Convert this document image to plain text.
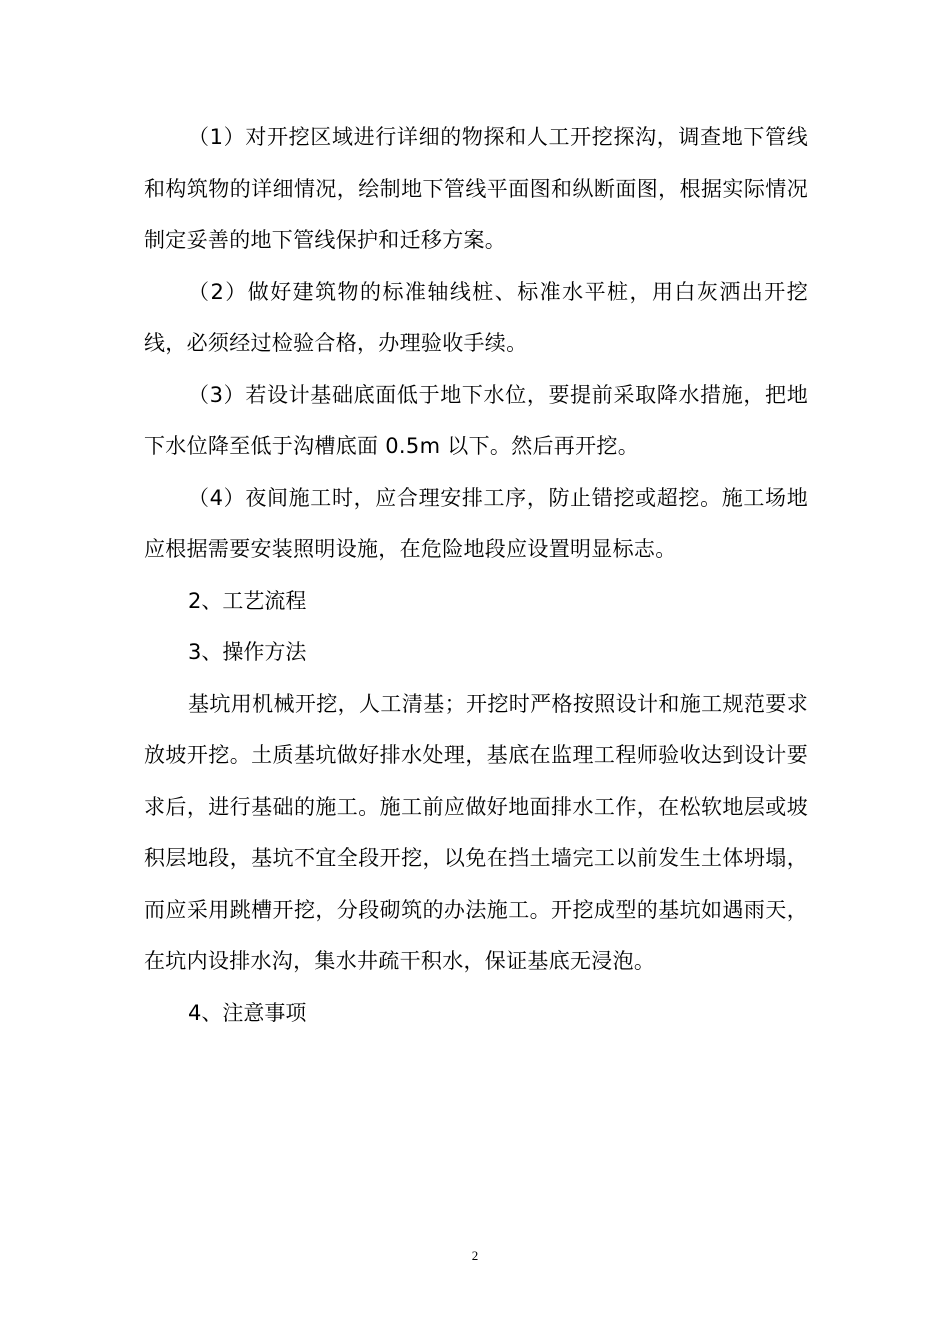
（1）对开挖区域进行详细的物探和人工开挖探沟，调查地下管线和构筑物的详细情况，绘制地下管线平面图和纵断面图，根据实际情况制定妥善的地下管线保护和迁移方案。

（2）做好建筑物的标准轴线桩、标准水平桩，用白灰洒出开挖线，必须经过检验合格，办理验收手续。

（3）若设计基础底面低于地下水位，要提前采取降水措施，把地下水位降至低于沟槽底面 0.5m 以下。然后再开挖。

（4）夜间施工时，应合理安排工序，防止错挖或超挖。施工场地应根据需要安装照明设施，在危险地段应设置明显标志。

2、工艺流程

3、操作方法

基坑用机械开挖，人工清基；开挖时严格按照设计和施工规范要求放坡开挖。土质基坑做好排水处理，基底在监理工程师验收达到设计要求后，进行基础的施工。施工前应做好地面排水工作，在松软地层或坡积层地段，基坑不宜全段开挖，以免在挡土墙完工以前发生土体坍塌，而应采用跳槽开挖，分段砌筑的办法施工。开挖成型的基坑如遇雨天，在坑内设排水沟，集水井疏干积水，保证基底无浸泡。

4、注意事项

2
